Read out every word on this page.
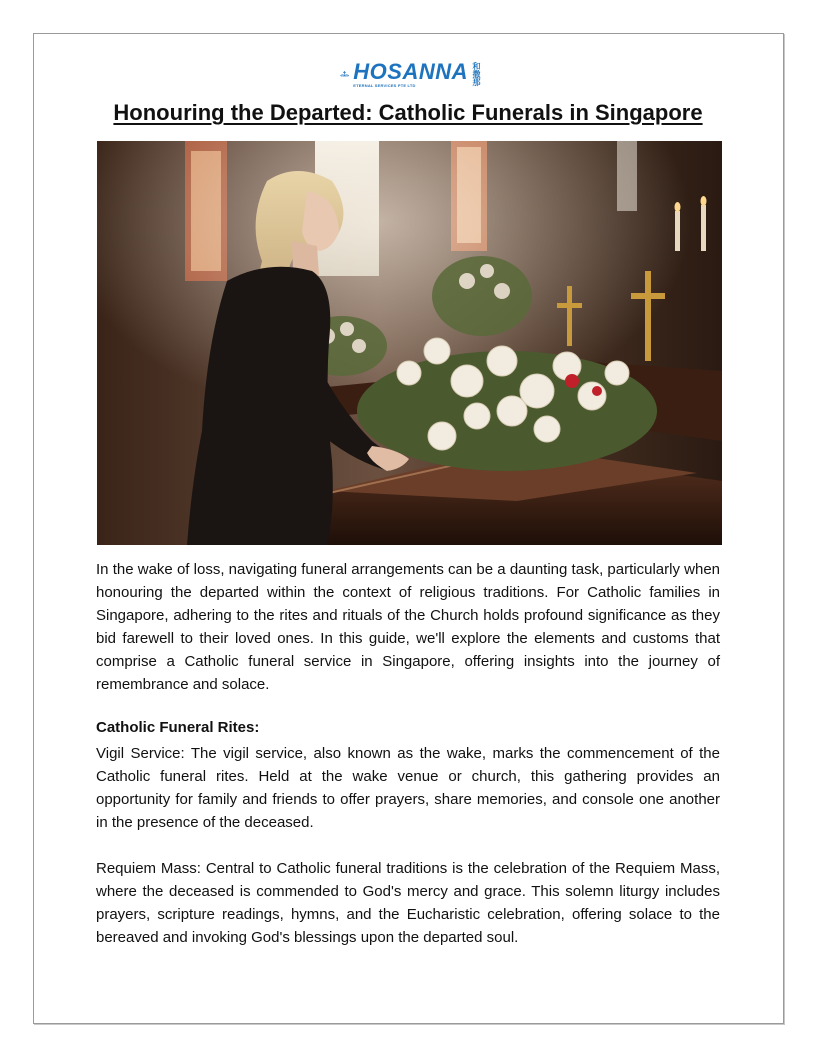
HOSANNA
ETERNAL SERVICES PTE LTD	和撒那
Honouring the Departed: Catholic Funerals in Singapore
In the wake of loss, navigating funeral arrangements can be a daunting task, particularly when honouring the departed within the context of religious traditions. For Catholic families in Singapore, adhering to the rites and rituals of the Church holds profound significance as they bid farewell to their loved ones. In this guide, we'll explore the elements and customs that comprise a Catholic funeral service in Singapore, offering insights into the journey of remembrance and solace.
Catholic Funeral Rites:
Vigil Service: The vigil service, also known as the wake, marks the commencement of the Catholic funeral rites. Held at the wake venue or church, this gathering provides an opportunity for family and friends to offer prayers, share memories, and console one another in the presence of the deceased.
Requiem Mass: Central to Catholic funeral traditions is the celebration of the Requiem Mass, where the deceased is commended to God's mercy and grace. This solemn liturgy includes prayers, scripture readings, hymns, and the Eucharistic celebration, offering solace to the bereaved and invoking God's blessings upon the departed soul.
